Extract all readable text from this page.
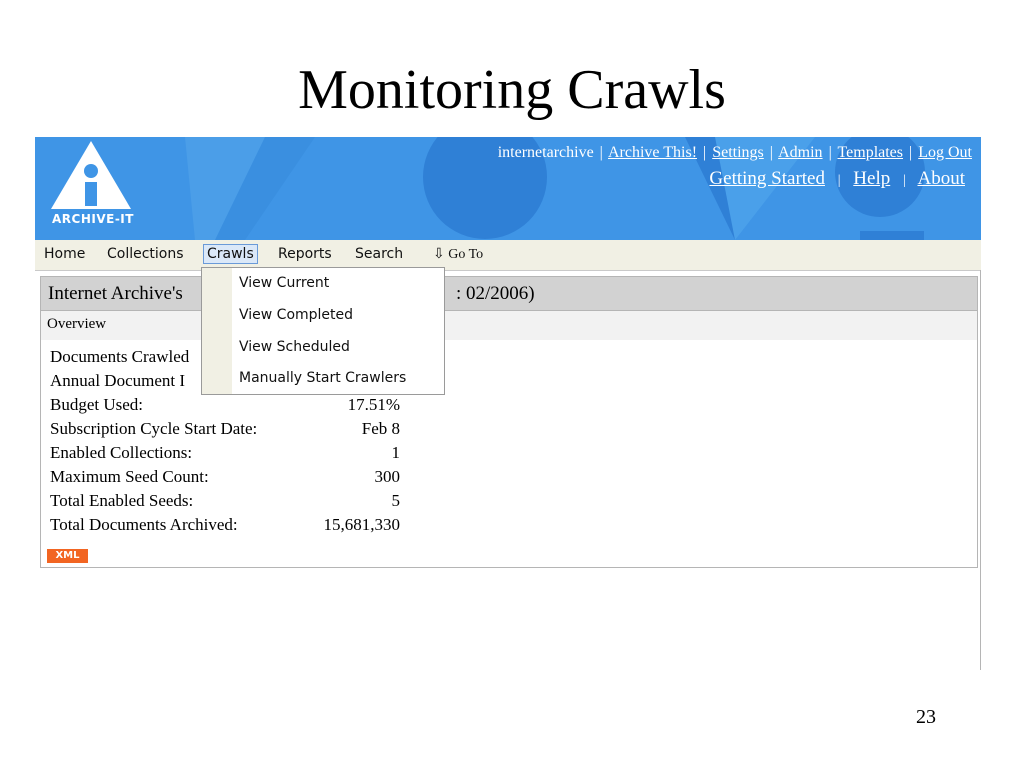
Monitoring Crawls
ARCHIVE-IT
internetarchive | Archive This! | Settings | Admin | Templates | Log Out
Getting Started | Help | About
Home Collections Crawls Reports Search ⇩ Go To
Internet Archive's	: 02/2006)
Overview
Documents Crawled
Annual Document I
Budget Used:	17.51%
Subscription Cycle Start Date:	Feb 8
Enabled Collections:	1
Maximum Seed Count:	300
Total Enabled Seeds:	5
Total Documents Archived:	15,681,330
XML
View Current
View Completed
View Scheduled
Manually Start Crawlers
23
